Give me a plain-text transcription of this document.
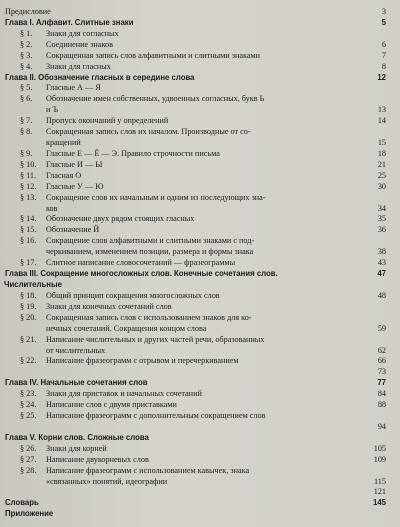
Предисловие	3
Глава I. Алфавит. Слитные знаки	5
§ 1. Знаки для согласных
§ 2. Соединение знаков	6
§ 3. Сокращенная запись слов алфавитными и слитными знаками	7
§ 4. Знаки для гласных	8
Глава II. Обозначение гласных в середине слова	12
§ 5. Гласные А — Я
§ 6. Обозначение имен собственных, удвоенных согласных, букв Ь
и Ъ	13
§ 7. Пропуск окончаний у определений	14
§ 8. Сокращенная запись слов их началом. Производные от со-
кращений	15
§ 9. Гласные Е — Ё — Э. Правило строчности письма	18
§ 10. Гласные И — Ы	21
§ 11. Гласная О	25
§ 12. Гласные У — Ю	30
§ 13. Сокращение слов их начальным и одним из последующих зна-
ков	34
§ 14. Обозначение двух рядом стоящих гласных	35
§ 15. Обозначение Й	36
§ 16. Сокращение слов алфавитными и слитными знаками с под-
черкиванием, изменением позиции, размера и формы знака	38
§ 17. Слитное написание словосочетаний — фразеограммы	43
Глава III. Сокращение многосложных слов. Конечные сочетания слов.	47
Числительные
§ 18. Общий принцип сокращения многосложных слов	48
§ 19. Знаки для конечных сочетаний слов
§ 20. Сокращенная запись слов с использованием знаков для ко-
нечных сочетаний. Сокращения концом слова	59
§ 21. Написание числительных и других частей речи, образованных
от числительных	62
§ 22. Написание фразеограмм с отрывом и перечеркиванием	66
73
Глава IV. Начальные сочетания слов	77
§ 23. Знаки для приставок и начальных сочетаний	84
§ 24. Написание слов с двумя приставками	88
§ 25. Написание фразеограмм с дополнительным сокращением слов
94
Глава V. Корни слов. Сложные слова
§ 26. Знаки для корней	105
§ 27. Написание двукорневых слов	109
§ 28. Написание фразеограмм с использованием кавычек, знака
«связанных» понятий, идеографии	115
121
Словарь	145
Приложение
